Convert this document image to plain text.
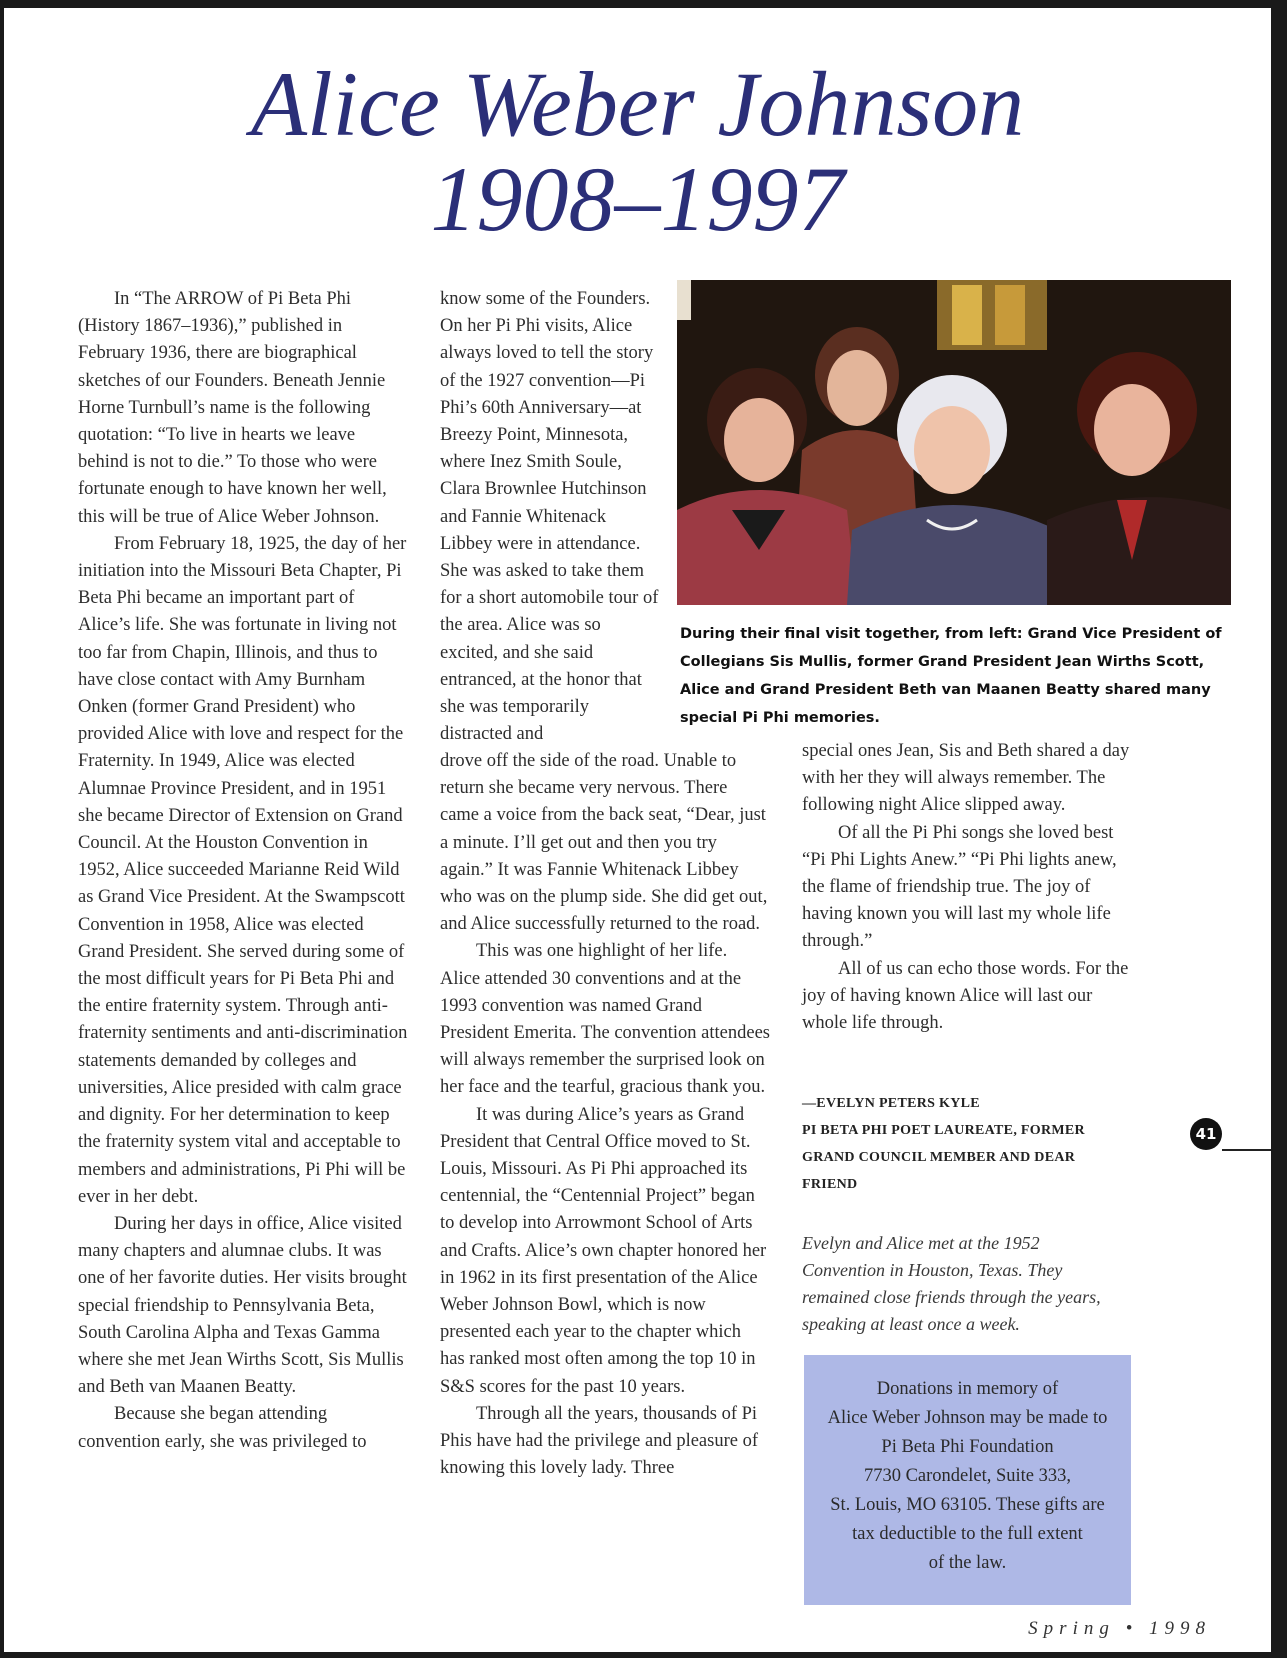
Alice Weber Johnson
1908–1997

In “The ARROW of Pi Beta Phi (History 1867–1936),” published in February 1936, there are biographical sketches of our Founders. Beneath Jennie Horne Turnbull’s name is the following quotation: “To live in hearts we leave behind is not to die.” To those who were fortunate enough to have known her well, this will be true of Alice Weber Johnson.

From February 18, 1925, the day of her initiation into the Missouri Beta Chapter, Pi Beta Phi became an important part of Alice’s life. She was fortunate in living not too far from Chapin, Illinois, and thus to have close contact with Amy Burnham Onken (former Grand President) who provided Alice with love and respect for the Fraternity. In 1949, Alice was elected Alumnae Province President, and in 1951 she became Director of Extension on Grand Council. At the Houston Convention in 1952, Alice succeeded Marianne Reid Wild as Grand Vice President. At the Swampscott Convention in 1958, Alice was elected Grand President. She served during some of the most difficult years for Pi Beta Phi and the entire fraternity system. Through anti-fraternity sentiments and anti-discrimination statements demanded by colleges and universities, Alice presided with calm grace and dignity. For her determination to keep the fraternity system vital and acceptable to members and administrations, Pi Phi will be ever in her debt.

During her days in office, Alice visited many chapters and alumnae clubs. It was one of her favorite duties. Her visits brought special friendship to Pennsylvania Beta, South Carolina Alpha and Texas Gamma where she met Jean Wirths Scott, Sis Mullis and Beth van Maanen Beatty.

Because she began attending convention early, she was privileged to

know some of the Founders. On her Pi Phi visits, Alice always loved to tell the story of the 1927 convention—Pi Phi’s 60th Anniversary—at Breezy Point, Minnesota, where Inez Smith Soule, Clara Brownlee Hutchinson and Fannie Whitenack Libbey were in attendance. She was asked to take them for a short automobile tour of the area. Alice was so excited, and she said entranced, at the honor that she was temporarily distracted and

drove off the side of the road. Unable to return she became very nervous. There came a voice from the back seat, “Dear, just a minute. I’ll get out and then you try again.” It was Fannie Whitenack Libbey who was on the plump side. She did get out, and Alice successfully returned to the road.

This was one highlight of her life. Alice attended 30 conventions and at the 1993 convention was named Grand President Emerita. The convention attendees will always remember the surprised look on her face and the tearful, gracious thank you.

It was during Alice’s years as Grand President that Central Office moved to St. Louis, Missouri. As Pi Phi approached its centennial, the “Centennial Project” began to develop into Arrowmont School of Arts and Crafts. Alice’s own chapter honored her in 1962 in its first presentation of the Alice Weber Johnson Bowl, which is now presented each year to the chapter which has ranked most often among the top 10 in S&S scores for the past 10 years.

Through all the years, thousands of Pi Phis have had the privilege and pleasure of knowing this lovely lady. Three

During their final visit together, from left: Grand Vice President of Collegians Sis Mullis, former Grand President Jean Wirths Scott, Alice and Grand President Beth van Maanen Beatty shared many special Pi Phi memories.

special ones Jean, Sis and Beth shared a day with her they will always remember. The following night Alice slipped away.

Of all the Pi Phi songs she loved best “Pi Phi Lights Anew.” “Pi Phi lights anew, the flame of friendship true. The joy of having known you will last my whole life through.”

All of us can echo those words. For the joy of having known Alice will last our whole life through.

—EVELYN PETERS KYLE
PI BETA PHI POET LAUREATE, FORMER GRAND COUNCIL MEMBER AND DEAR FRIEND
Evelyn and Alice met at the 1952 Convention in Houston, Texas. They remained close friends through the years, speaking at least once a week.
Donations in memory of
Alice Weber Johnson may be made to
Pi Beta Phi Foundation
7730 Carondelet, Suite 333,
St. Louis, MO 63105. These gifts are
tax deductible to the full extent
of the law.
41
Spring • 1998
